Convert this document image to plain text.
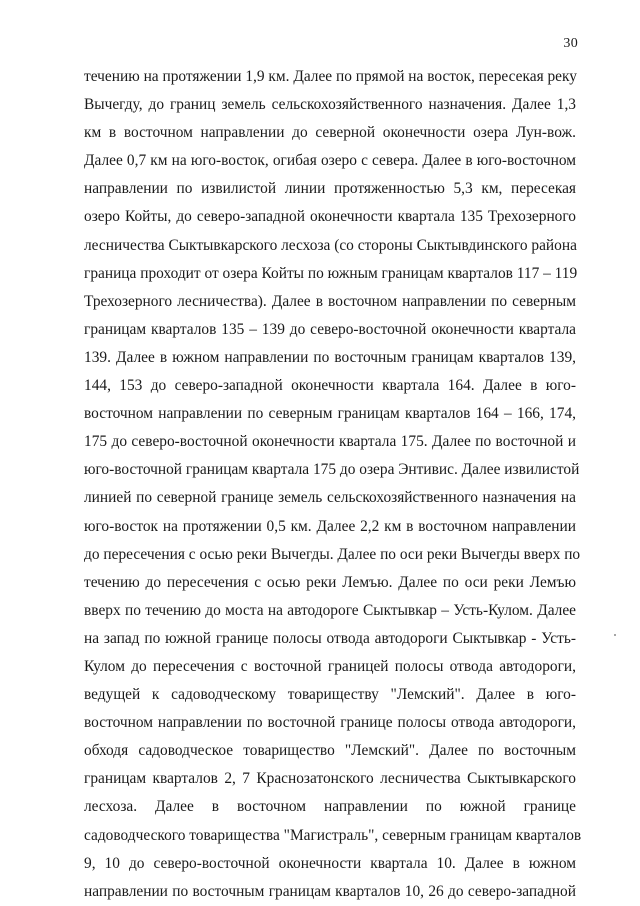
30
течению на протяжении 1,9 км. Далее по прямой на восток, пересекая реку
Вычегду, до границ земель сельскохозяйственного назначения. Далее 1,3
км в восточном направлении до северной оконечности озера Лун-вож.
Далее 0,7 км на юго-восток, огибая озеро с севера. Далее в юго-восточном
направлении по извилистой линии протяженностью 5,3 км, пересекая
озеро Койты, до северо-западной оконечности квартала 135 Трехозерного
лесничества Сыктывкарского лесхоза (со стороны Сыктывдинского района
граница проходит от озера Койты по южным границам кварталов 117 – 119
Трехозерного лесничества). Далее в восточном направлении по северным
границам кварталов 135 – 139 до северо-восточной оконечности квартала
139. Далее в южном направлении по восточным границам кварталов 139,
144, 153 до северо-западной оконечности квартала 164. Далее в юго-
восточном направлении по северным границам кварталов 164 – 166, 174,
175 до северо-восточной оконечности квартала 175. Далее по восточной и
юго-восточной границам квартала 175 до озера Энтивис. Далее извилистой
линией по северной границе земель сельскохозяйственного назначения на
юго-восток на протяжении 0,5 км. Далее 2,2 км в восточном направлении
до пересечения с осью реки Вычегды. Далее по оси реки Вычегды вверх по
течению до пересечения с осью реки Лемъю. Далее по оси реки Лемъю
вверх по течению до моста на автодороге Сыктывкар – Усть-Кулом. Далее
на запад по южной границе полосы отвода автодороги Сыктывкар - Усть-
Кулом до пересечения с восточной границей полосы отвода автодороги,
ведущей к садоводческому товариществу "Лемский". Далее в юго-
восточном направлении по восточной границе полосы отвода автодороги,
обходя садоводческое товарищество "Лемский". Далее по восточным
границам кварталов 2, 7 Краснозатонского лесничества Сыктывкарского
лесхоза. Далее в восточном направлении по южной границе
садоводческого товарищества "Магистраль", северным границам кварталов
9, 10 до северо-восточной оконечности квартала 10. Далее в южном
направлении по восточным границам кварталов 10, 26 до северо-западной
